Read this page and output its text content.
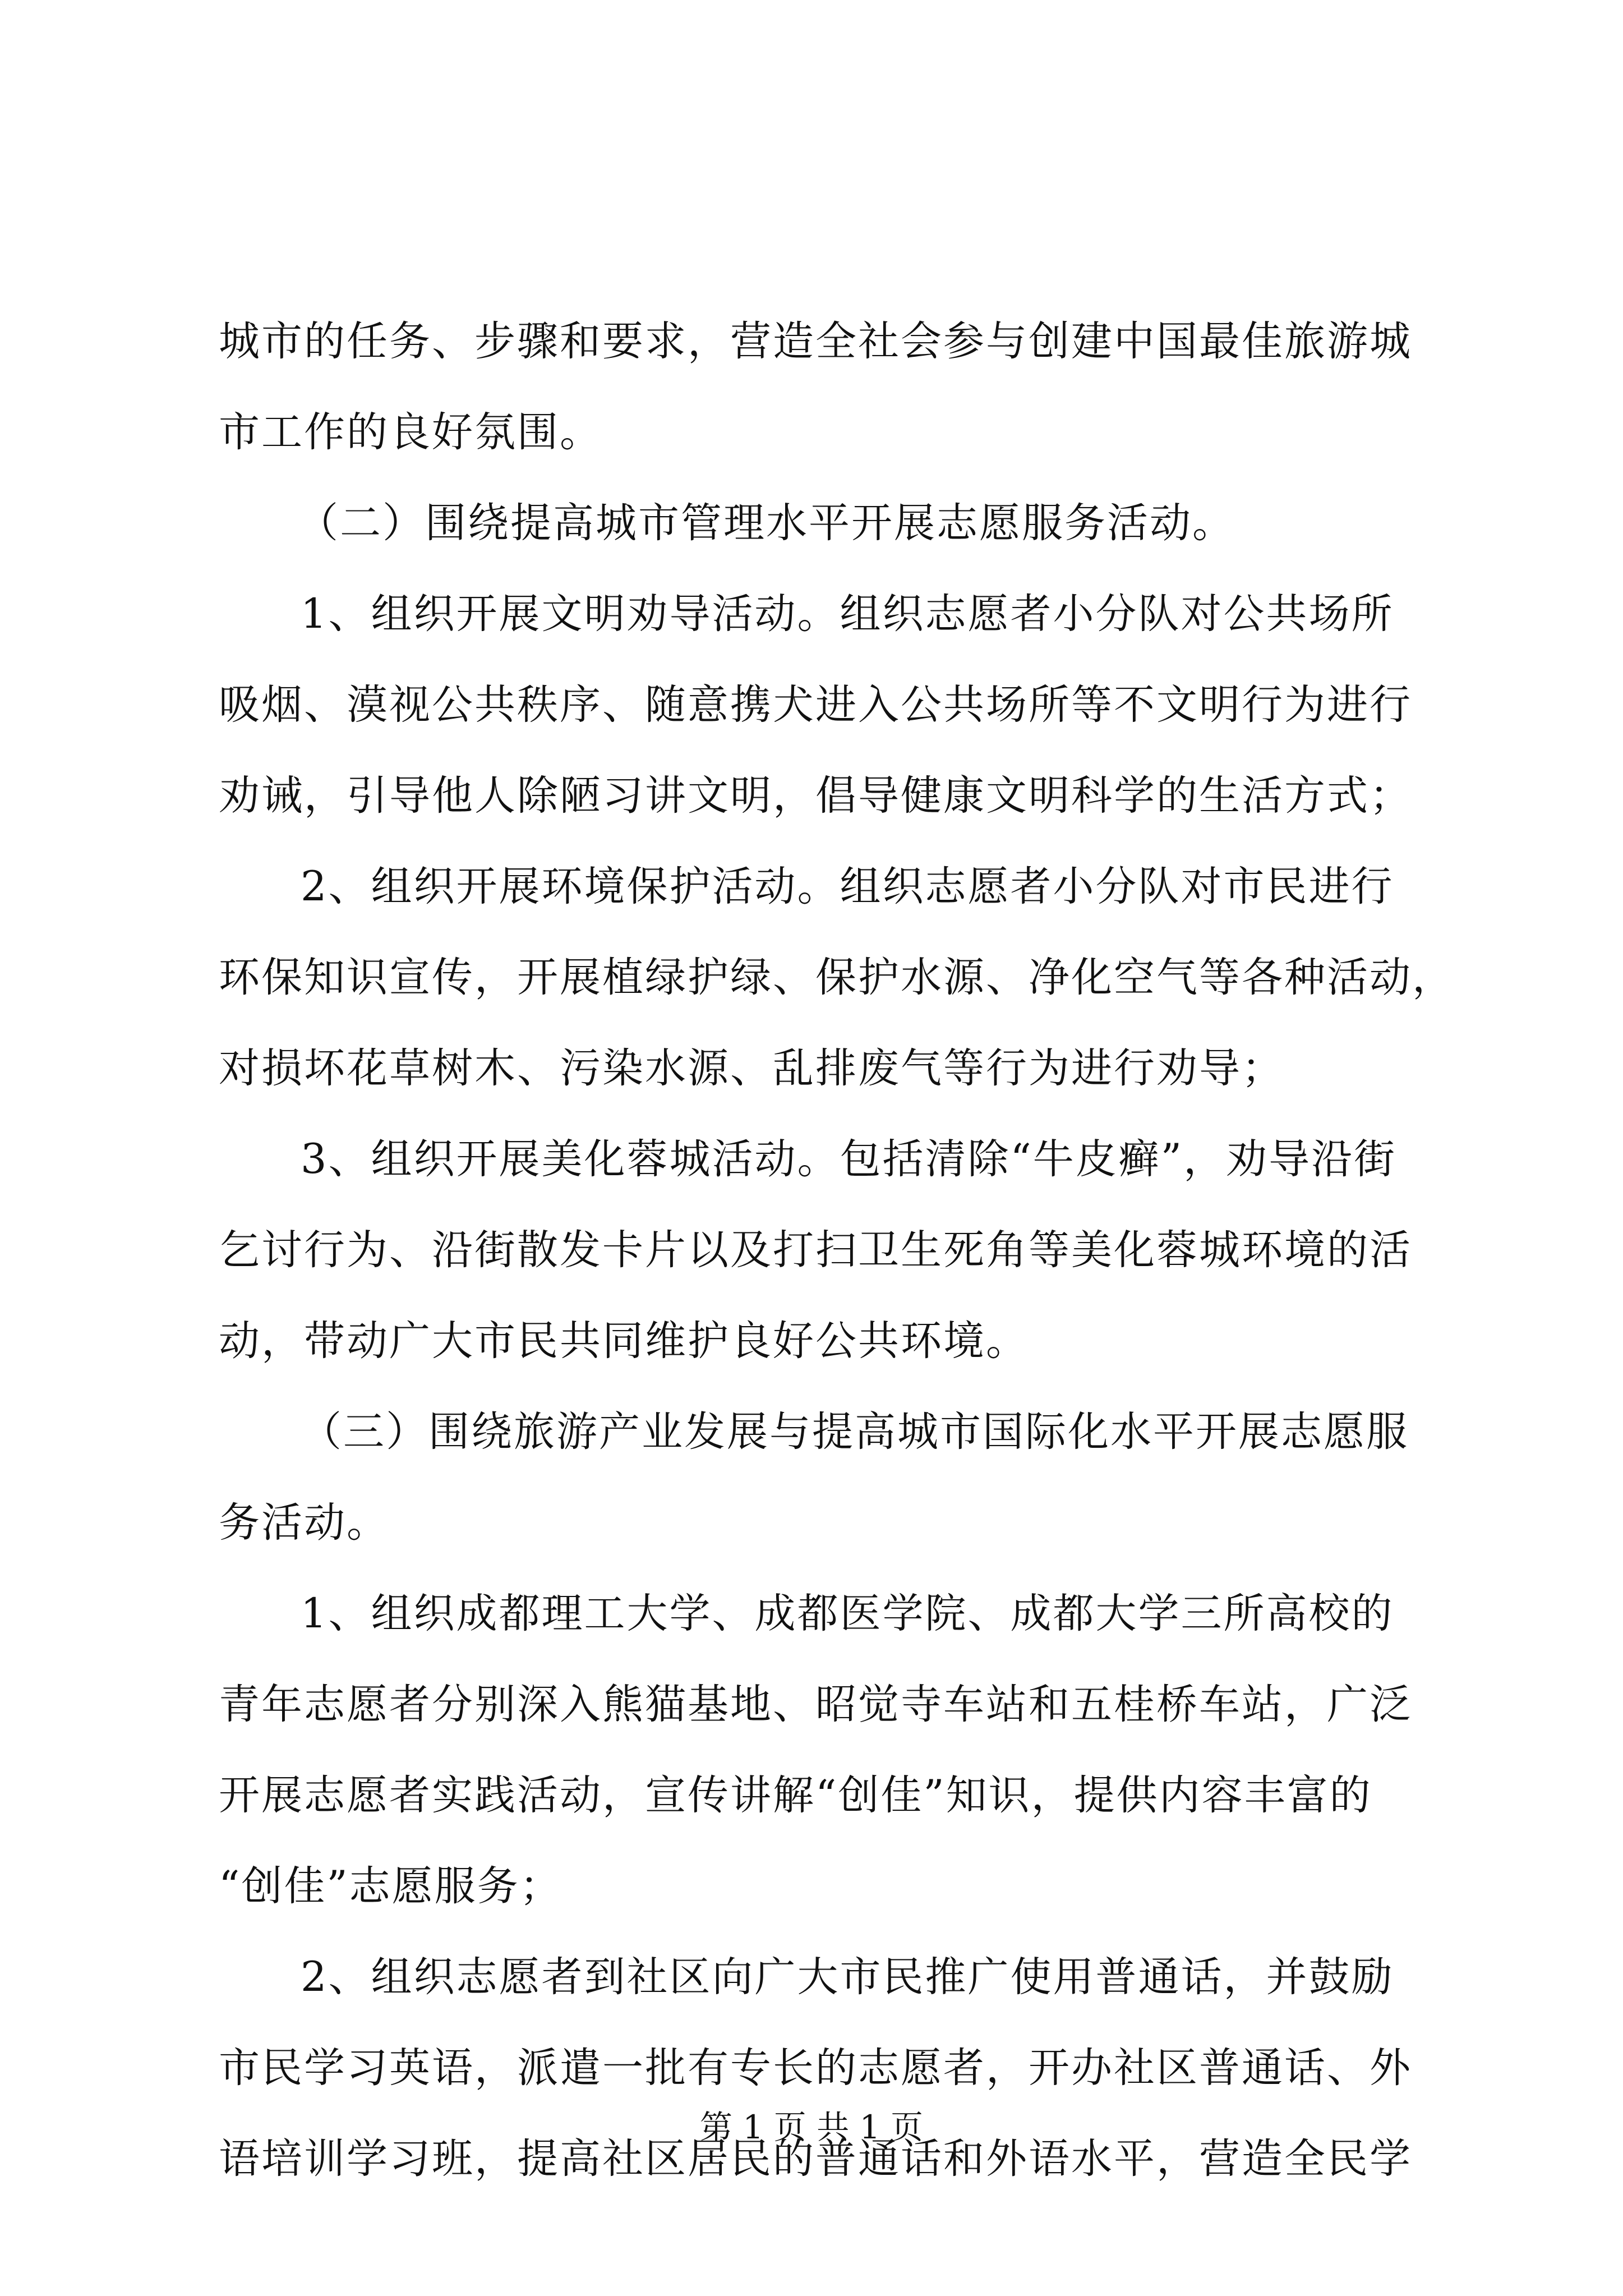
城市的任务、步骤和要求，营造全社会参与创建中国最佳旅游城
市工作的良好氛围。
（二）围绕提高城市管理水平开展志愿服务活动。
1、组织开展文明劝导活动。组织志愿者小分队对公共场所
吸烟、漠视公共秩序、随意携犬进入公共场所等不文明行为进行
劝诫，引导他人除陋习讲文明，倡导健康文明科学的生活方式；
2、组织开展环境保护活动。组织志愿者小分队对市民进行
环保知识宣传，开展植绿护绿、保护水源、净化空气等各种活动，
对损坏花草树木、污染水源、乱排废气等行为进行劝导；
3、组织开展美化蓉城活动。包括清除“牛皮癣”，劝导沿街
乞讨行为、沿街散发卡片以及打扫卫生死角等美化蓉城环境的活
动，带动广大市民共同维护良好公共环境。
（三）围绕旅游产业发展与提高城市国际化水平开展志愿服
务活动。
1、组织成都理工大学、成都医学院、成都大学三所高校的
青年志愿者分别深入熊猫基地、昭觉寺车站和五桂桥车站，广泛
开展志愿者实践活动，宣传讲解“创佳”知识，提供内容丰富的
“创佳”志愿服务；
2、组织志愿者到社区向广大市民推广使用普通话，并鼓励
市民学习英语，派遣一批有专长的志愿者，开办社区普通话、外
语培训学习班，提高社区居民的普通话和外语水平，营造全民学
第 1 页 共 1 页
